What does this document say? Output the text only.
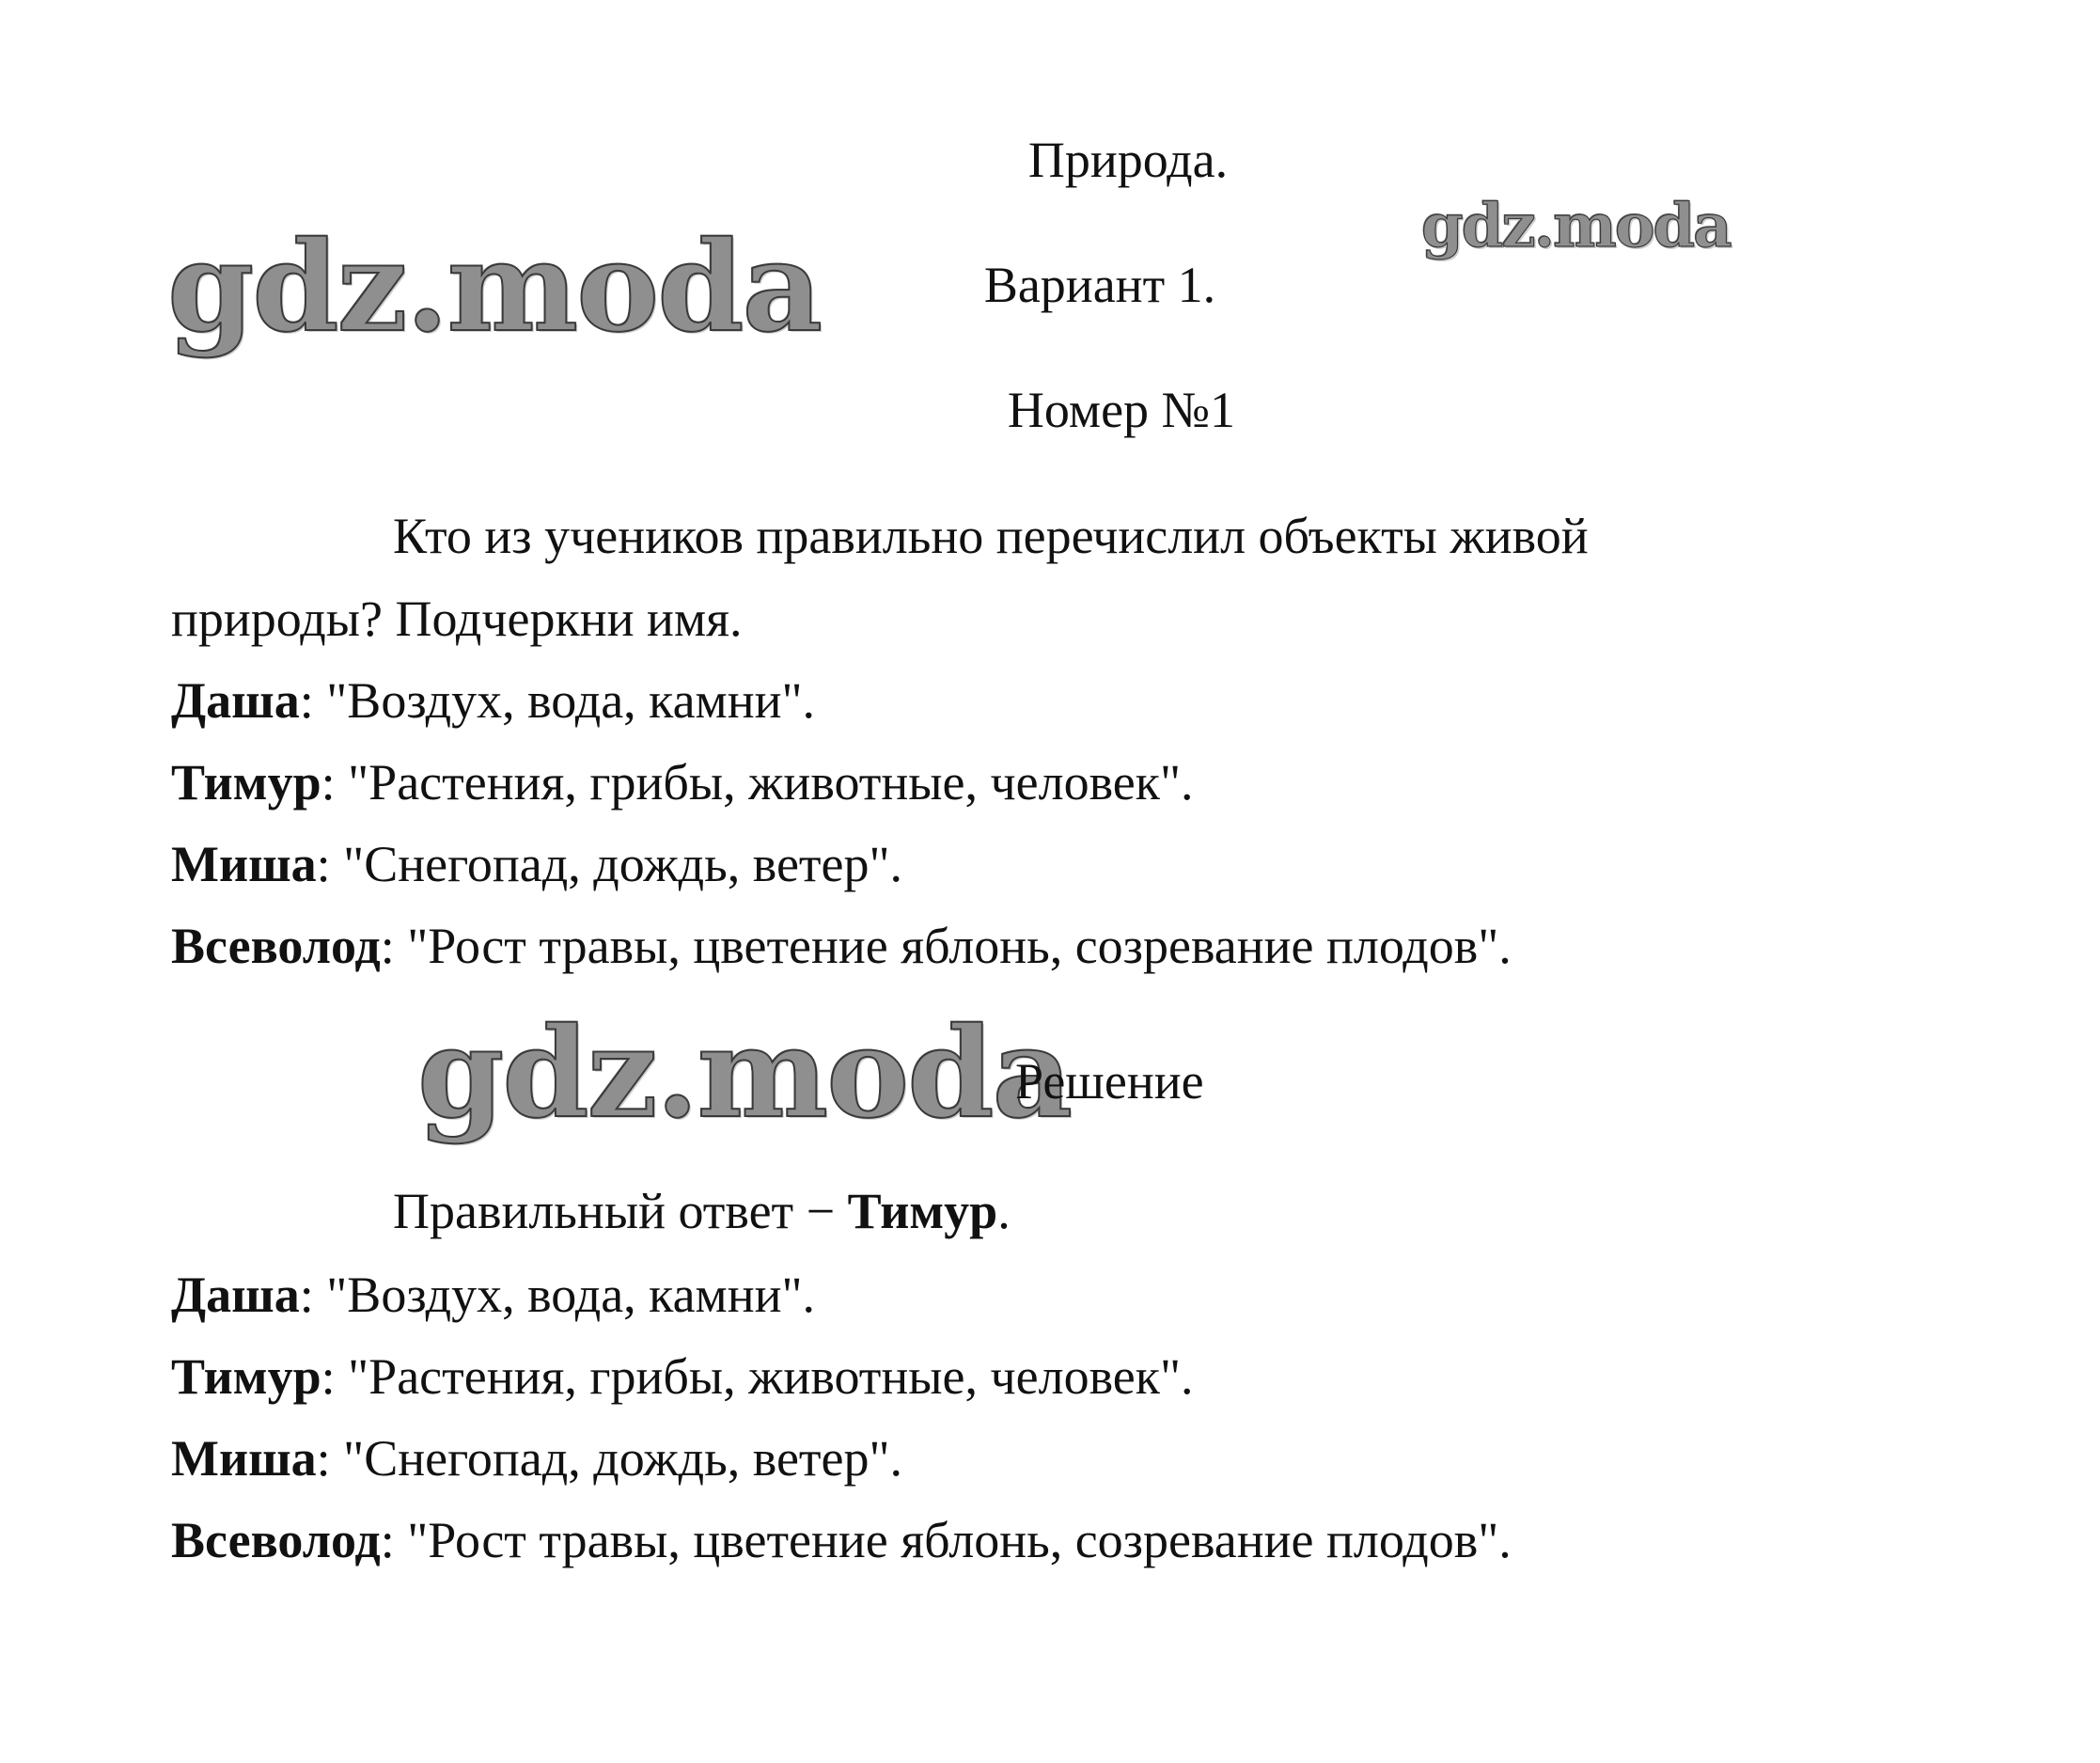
gdz.moda	gdz.moda
gdz.moda
Природа.
Вариант 1.
Номер №1
Кто из учеников правильно перечислил объекты живой
природы? Подчеркни имя.
Даша: "Воздух, вода, камни".
Тимур: "Растения, грибы, животные, человек".
Миша: "Снегопад, дождь, ветер".
Всеволод: "Рост травы, цветение яблонь, созревание плодов".
Решение
Правильный ответ − Тимур.
Даша: "Воздух, вода, камни".
Тимур: "Растения, грибы, животные, человек".
Миша: "Снегопад, дождь, ветер".
Всеволод: "Рост травы, цветение яблонь, созревание плодов".
